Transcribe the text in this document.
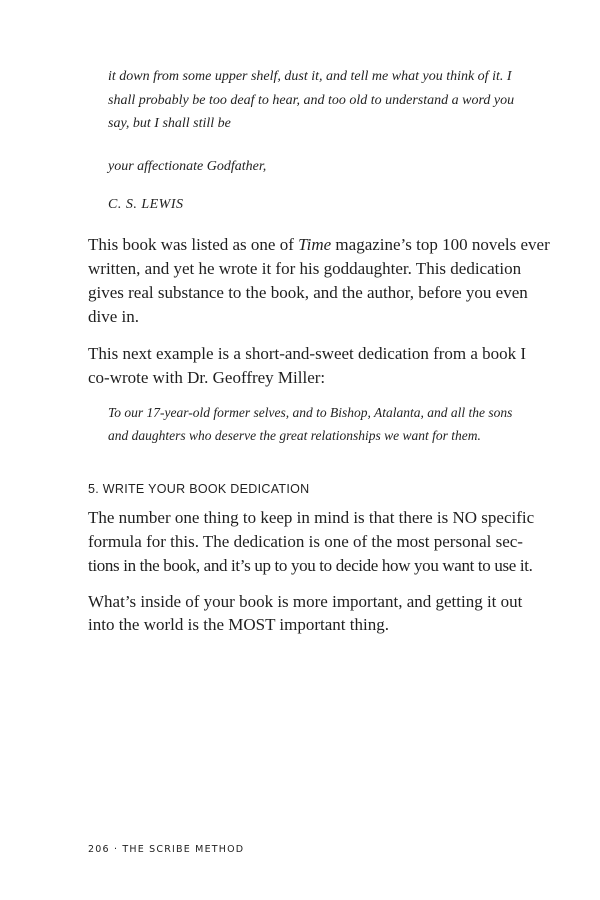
it down from some upper shelf, dust it, and tell me what you think of it. I
shall probably be too deaf to hear, and too old to understand a word you
say, but I shall still be
your affectionate Godfather,
C. S. LEWIS
This book was listed as one of Time magazine’s top 100 novels ever
written, and yet he wrote it for his goddaughter. This dedication
gives real substance to the book, and the author, before you even
dive in.
This next example is a short-and-sweet dedication from a book I
co-wrote with Dr. Geoffrey Miller:
To our 17-year-old former selves, and to Bishop, Atalanta, and all the sons
and daughters who deserve the great relationships we want for them.
5. WRITE YOUR BOOK DEDICATION
The number one thing to keep in mind is that there is NO specific
formula for this. The dedication is one of the most personal sec-
tions in the book, and it’s up to you to decide how you want to use it.
What’s inside of your book is more important, and getting it out
into the world is the MOST important thing.
206 · THE SCRIBE METHOD
